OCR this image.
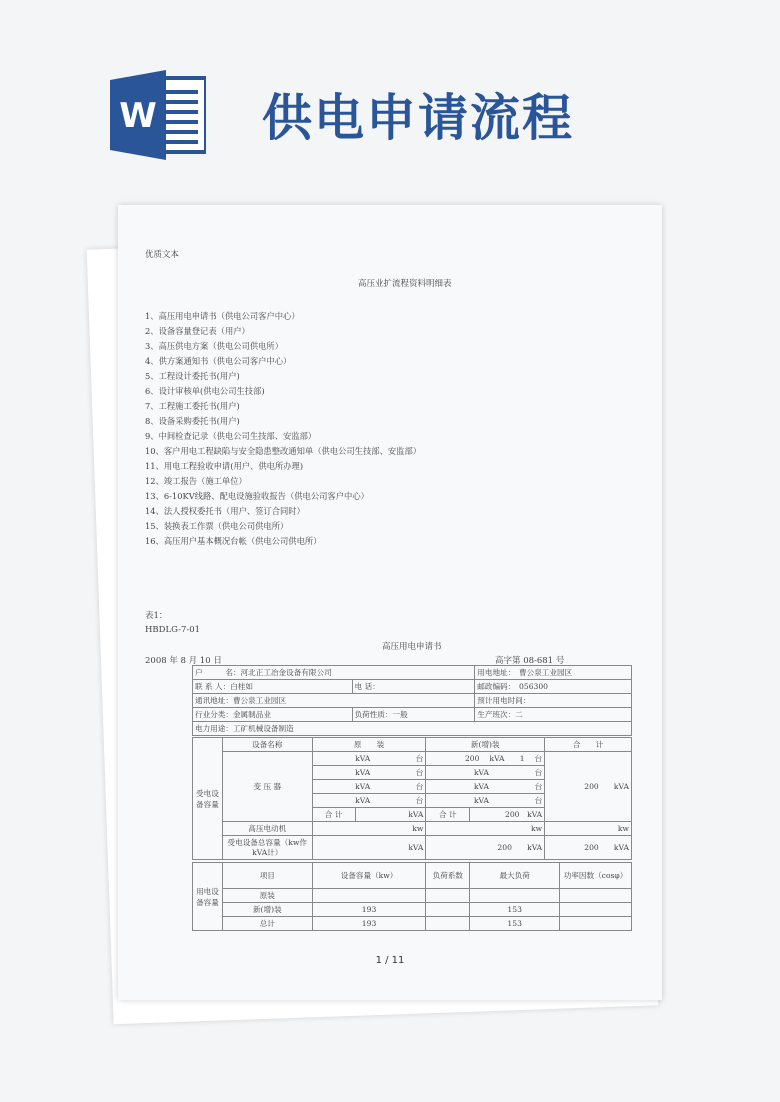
W 供电申请流程
优质文本
高压业扩流程资料明细表
1、高压用电申请书（供电公司客户中心）
2、设备容量登记表（用户）
3、高压供电方案（供电公司供电所）
4、供方案通知书（供电公司客户中心）
5、工程设计委托书(用户)
6、设计审核单(供电公司生技部)
7、工程施工委托书(用户)
8、设备采购委托书(用户)
9、中间检查记录（供电公司生技部、安监部）
10、客户用电工程缺陷与安全隐患整改通知单（供电公司生技部、安监部）
11、用电工程验收申请(用户、供电所办理)
12、竣工报告（施工单位）
13、6-10KV线路、配电设施验收报告（供电公司客户中心）
14、法人授权委托书（用户、签订合同时）
15、装换表工作票（供电公司供电所）
16、高压用户基本概况台帐（供电公司供电所）
表1：
HBDLG-7-01
高压用电申请书
2008 年 8 月 10 日	高字第 08-681 号
户　　　名：河北正工冶金设备有限公司		用电地址：　曹公泉工业园区
联 系 人：白桂如	电 话：	邮政编码：　056300
通讯地址：曹公泉工业园区		预计用电时间：
行业分类：金属制品业	负荷性质：一般	生产班次：二
电力用途：工矿机械设备制造		
受电设备容量	设备名称	原　　装		新(增)装		合　　计
	变 压 器	kVA　　　　　　 台		200　 kVA　　1　 台		200　　kVA
		kVA　　　　　　 台		kVA　　　　　　 台		
		kVA　　　　　　 台		kVA　　　　　　 台		
		kVA　　　　　　 台		kVA　　　　　　 台		
		合 计	kVA	合 计	200　kVA	
	高压电动机	kw		kw		kw
	受电设备总容量（kw作kVA计）	kVA		200　　kVA		200　　kVA
用电设备容量	项目	设备容量（kw）	负荷系数	最大负荷	功率因数（cosφ）
	原装				
	新(增)装	193		153	
	总计	193		153	
1 / 11
